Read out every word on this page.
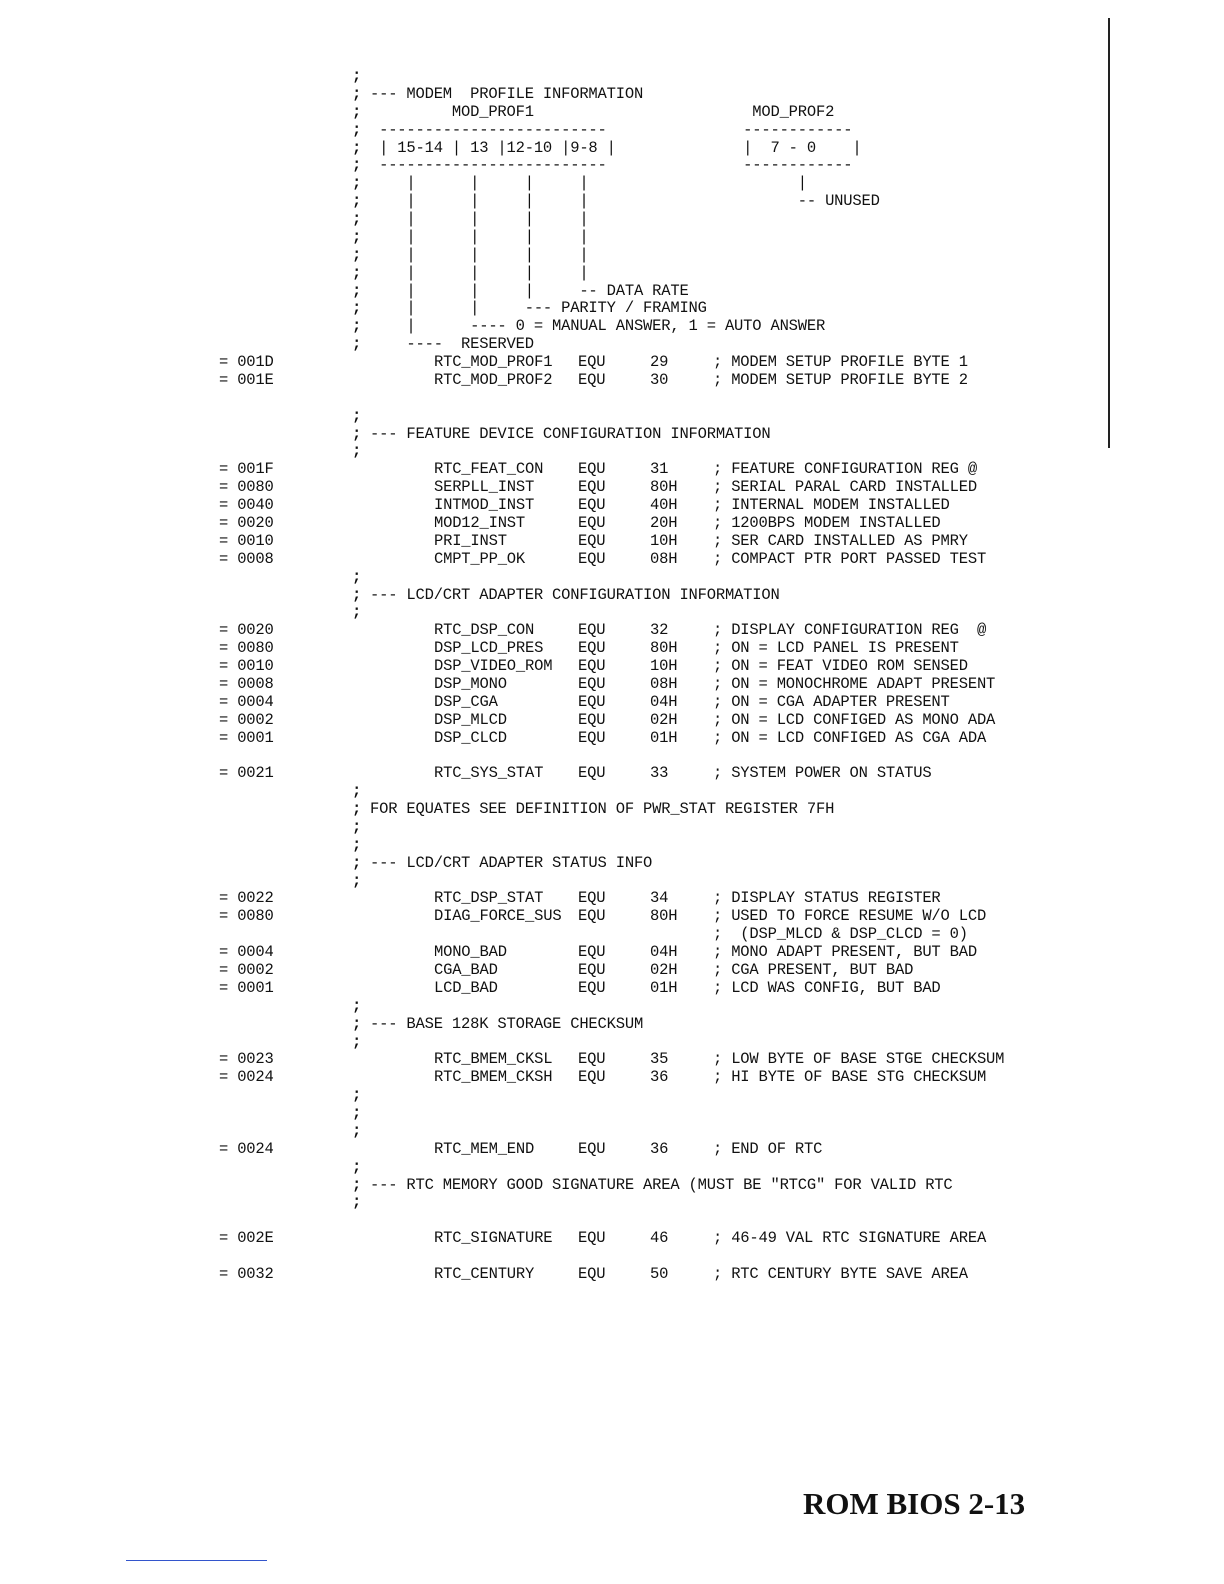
;
; --- MODEM  PROFILE INFORMATION
; MOD_PROF1                        MOD_PROF2
; -------------------------               ------------
; | 15-14 | 13 |12-10 |9-8 |              |  7 - 0    |
; -------------------------               ------------
; |      |     |     |                       |
; |      |     |     |                       -- UNUSED
; |      |     |     |
; |      |     |     |
; |      |     |     |
; |      |     |     |
; |      |     |     -- DATA RATE
; |      |     --- PARITY / FRAMING
; |      ---- 0 = MANUAL ANSWER, 1 = AUTO ANSWER
; ----  RESERVED
= 001D	RTC_MOD_PROF1 EQU	29	; MODEM SETUP PROFILE BYTE 1
= 001E	RTC_MOD_PROF2 EQU	30	; MODEM SETUP PROFILE BYTE 2
;
; --- FEATURE DEVICE CONFIGURATION INFORMATION
;
= 001F	RTC_FEAT_CON EQU	31	; FEATURE CONFIGURATION REG @
= 0080	SERPLL_INST	EQU	80H ; SERIAL PARAL CARD INSTALLED
= 0040	INTMOD_INST	EQU	40H ; INTERNAL MODEM INSTALLED
= 0020	MOD12_INST	EQU	20H ; 1200BPS MODEM INSTALLED
= 0010	PRI_INST	EQU	10H ; SER CARD INSTALLED AS PMRY
= 0008	CMPT_PP_OK	EQU	08H ; COMPACT PTR PORT PASSED TEST
;
; --- LCD/CRT ADAPTER CONFIGURATION INFORMATION
;
= 0020	RTC_DSP_CON	EQU	32	; DISPLAY CONFIGURATION REG  @
= 0080	DSP_LCD_PRES EQU	80H ; ON = LCD PANEL IS PRESENT
= 0010	DSP_VIDEO_ROM EQU	10H ; ON = FEAT VIDEO ROM SENSED
= 0008	DSP_MONO	EQU	08H ; ON = MONOCHROME ADAPT PRESENT
= 0004	DSP_CGA	EQU	04H ; ON = CGA ADAPTER PRESENT
= 0002	DSP_MLCD	EQU	02H ; ON = LCD CONFIGED AS MONO ADA
= 0001	DSP_CLCD	EQU	01H ; ON = LCD CONFIGED AS CGA ADA
= 0021	RTC_SYS_STAT EQU	33	; SYSTEM POWER ON STATUS
;
; FOR EQUATES SEE DEFINITION OF PWR_STAT REGISTER 7FH
;
;
; --- LCD/CRT ADAPTER STATUS INFO
;
= 0022	RTC_DSP_STAT EQU	34	; DISPLAY STATUS REGISTER
= 0080	DIAG_FORCE_SUS EQU	80H ; USED TO FORCE RESUME W/O LCD
;  (DSP_MLCD & DSP_CLCD = 0)
= 0004	MONO_BAD	EQU	04H ; MONO ADAPT PRESENT, BUT BAD
= 0002	CGA_BAD	EQU	02H ; CGA PRESENT, BUT BAD
= 0001	LCD_BAD	EQU	01H ; LCD WAS CONFIG, BUT BAD
;
; --- BASE 128K STORAGE CHECKSUM
;
= 0023	RTC_BMEM_CKSL EQU	35	; LOW BYTE OF BASE STGE CHECKSUM
= 0024	RTC_BMEM_CKSH EQU	36	; HI BYTE OF BASE STG CHECKSUM
;
;
;
= 0024	RTC_MEM_END	EQU	36	; END OF RTC
;
; --- RTC MEMORY GOOD SIGNATURE AREA (MUST BE "RTCG" FOR VALID RTC
;
= 002E	RTC_SIGNATURE EQU	46	; 46-49 VAL RTC SIGNATURE AREA
= 0032	RTC_CENTURY	EQU	50	; RTC CENTURY BYTE SAVE AREA
ROM BIOS 2-13
